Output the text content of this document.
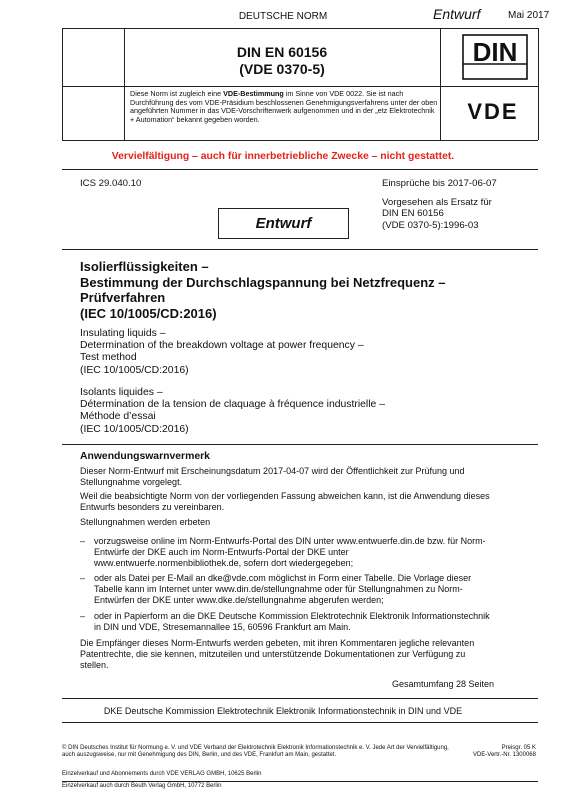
DEUTSCHE NORM	Entwurf	Mai 2017
DIN EN 60156
(VDE 0370-5)
DIN
Diese Norm ist zugleich eine VDE-Bestimmung im Sinne von VDE 0022. Sie ist nach Durchführung des vom VDE-Präsidium beschlossenen Genehmigungsverfahrens unter der oben angeführten Nummer in das VDE-Vorschriftenwerk aufgenommen und in der „etz Elektrotechnik + Automation“ bekannt gegeben worden.	VDE
Vervielfältigung – auch für innerbetriebliche Zwecke – nicht gestattet.
ICS 29.040.10	Einsprüche bis 2017-06-07
Vorgesehen als Ersatz für
DIN EN 60156
(VDE 0370-5):1996-03
Entwurf
Isolierflüssigkeiten –
Bestimmung der Durchschlagspannung bei Netzfrequenz –
Prüfverfahren
(IEC 10/1005/CD:2016)
Insulating liquids –
Determination of the breakdown voltage at power frequency –
Test method
(IEC 10/1005/CD:2016)
Isolants liquides –
Détermination de la tension de claquage à fréquence industrielle –
Méthode d’essai
(IEC 10/1005/CD:2016)
Anwendungswarnvermerk
Dieser Norm-Entwurf mit Erscheinungsdatum 2017-04-07 wird der Öffentlichkeit zur Prüfung und Stellungnahme vorgelegt.
Weil die beabsichtigte Norm von der vorliegenden Fassung abweichen kann, ist die Anwendung dieses Entwurfs besonders zu vereinbaren.
Stellungnahmen werden erbeten
– vorzugsweise online im Norm-Entwurfs-Portal des DIN unter www.entwuerfe.din.de bzw. für Norm-Entwürfe der DKE auch im Norm-Entwurfs-Portal der DKE unter www.entwuerfe.normenbibliothek.de, sofern dort wiedergegeben;
– oder als Datei per E-Mail an dke@vde.com möglichst in Form einer Tabelle. Die Vorlage dieser Tabelle kann im Internet unter www.din.de/stellungnahme oder für Stellungnahmen zu Norm-Entwürfen der DKE unter www.dke.de/stellungnahme abgerufen werden;
– oder in Papierform an die DKE Deutsche Kommission Elektrotechnik Elektronik Informationstechnik in DIN und VDE, Stresemannallee 15, 60596 Frankfurt am Main.
Die Empfänger dieses Norm-Entwurfs werden gebeten, mit ihren Kommentaren jegliche relevanten Patentrechte, die sie kennen, mitzuteilen und unterstützende Dokumentationen zur Verfügung zu stellen.
Gesamtumfang 28 Seiten
DKE Deutsche Kommission Elektrotechnik Elektronik Informationstechnik in DIN und VDE
© DIN Deutsches Institut für Normung e. V. und VDE Verband der Elektrotechnik Elektronik Informationstechnik e. V. Jede Art der Vervielfältigung, auch auszugsweise, nur mit Genehmigung des DIN, Berlin, und des VDE, Frankfurt am Main, gestattet.
Preisgr. 05 K
VDE-Vertr.-Nr. 1300068
Einzelverkauf und Abonnements durch VDE VERLAG GMBH, 10625 Berlin
Einzelverkauf auch durch Beuth Verlag GmbH, 10772 Berlin
